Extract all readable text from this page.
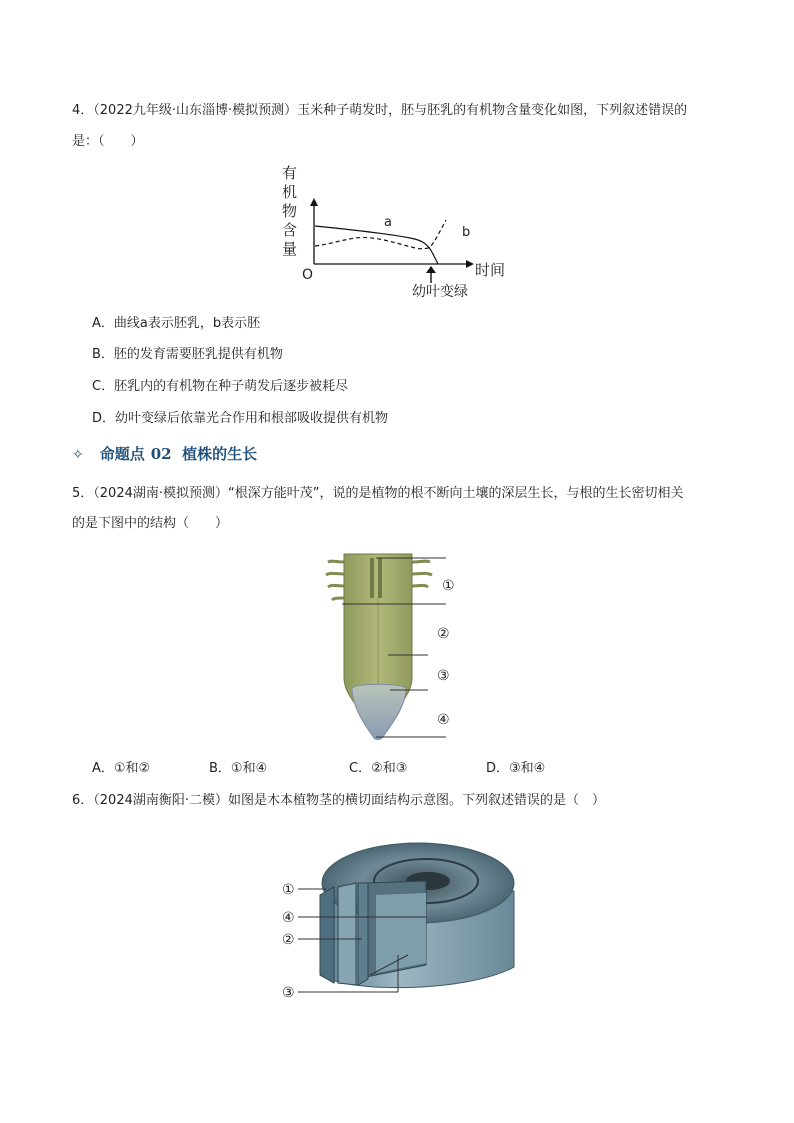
4．（2022九年级·山东淄博·模拟预测）玉米种子萌发时，胚与胚乳的有机物含量变化如图，下列叙述错误的
是：（　　）
有
机
物
含
量
O	时间
a
b
幼叶变绿
A．曲线a表示胚乳，b表示胚
B．胚的发育需要胚乳提供有机物
C．胚乳内的有机物在种子萌发后逐步被耗尽
D．幼叶变绿后依靠光合作用和根部吸收提供有机物
✧ 命题点 02 植株的生长
5．（2024湖南·模拟预测）“根深方能叶茂”，说的是植物的根不断向土壤的深层生长，与根的生长密切相关
的是下图中的结构（　　）
①
②
③
④
A．①和②	B．①和④	C．②和③	D．③和④
6．（2024湖南衡阳·二模）如图是木本植物茎的横切面结构示意图。下列叙述错误的是（　）
①
④
②
③
